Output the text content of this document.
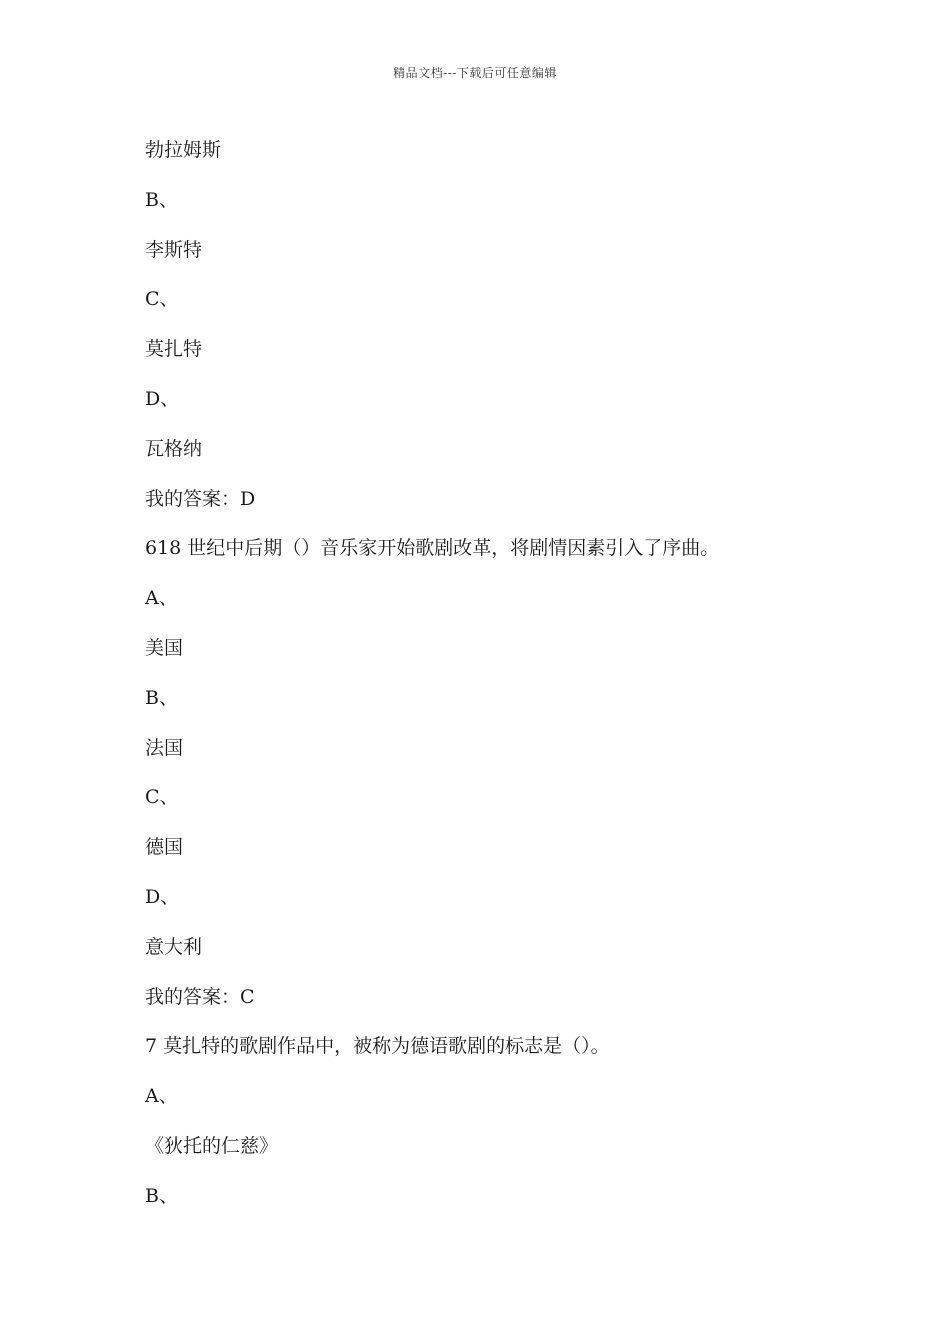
精品文档---下载后可任意编辑
勃拉姆斯
B、
李斯特
C、
莫扎特
D、
瓦格纳
我的答案：D
618 世纪中后期（）音乐家开始歌剧改革，将剧情因素引入了序曲。
A、
美国
B、
法国
C、
德国
D、
意大利
我的答案：C
7 莫扎特的歌剧作品中，被称为德语歌剧的标志是（）。
A、
《狄托的仁慈》
B、
